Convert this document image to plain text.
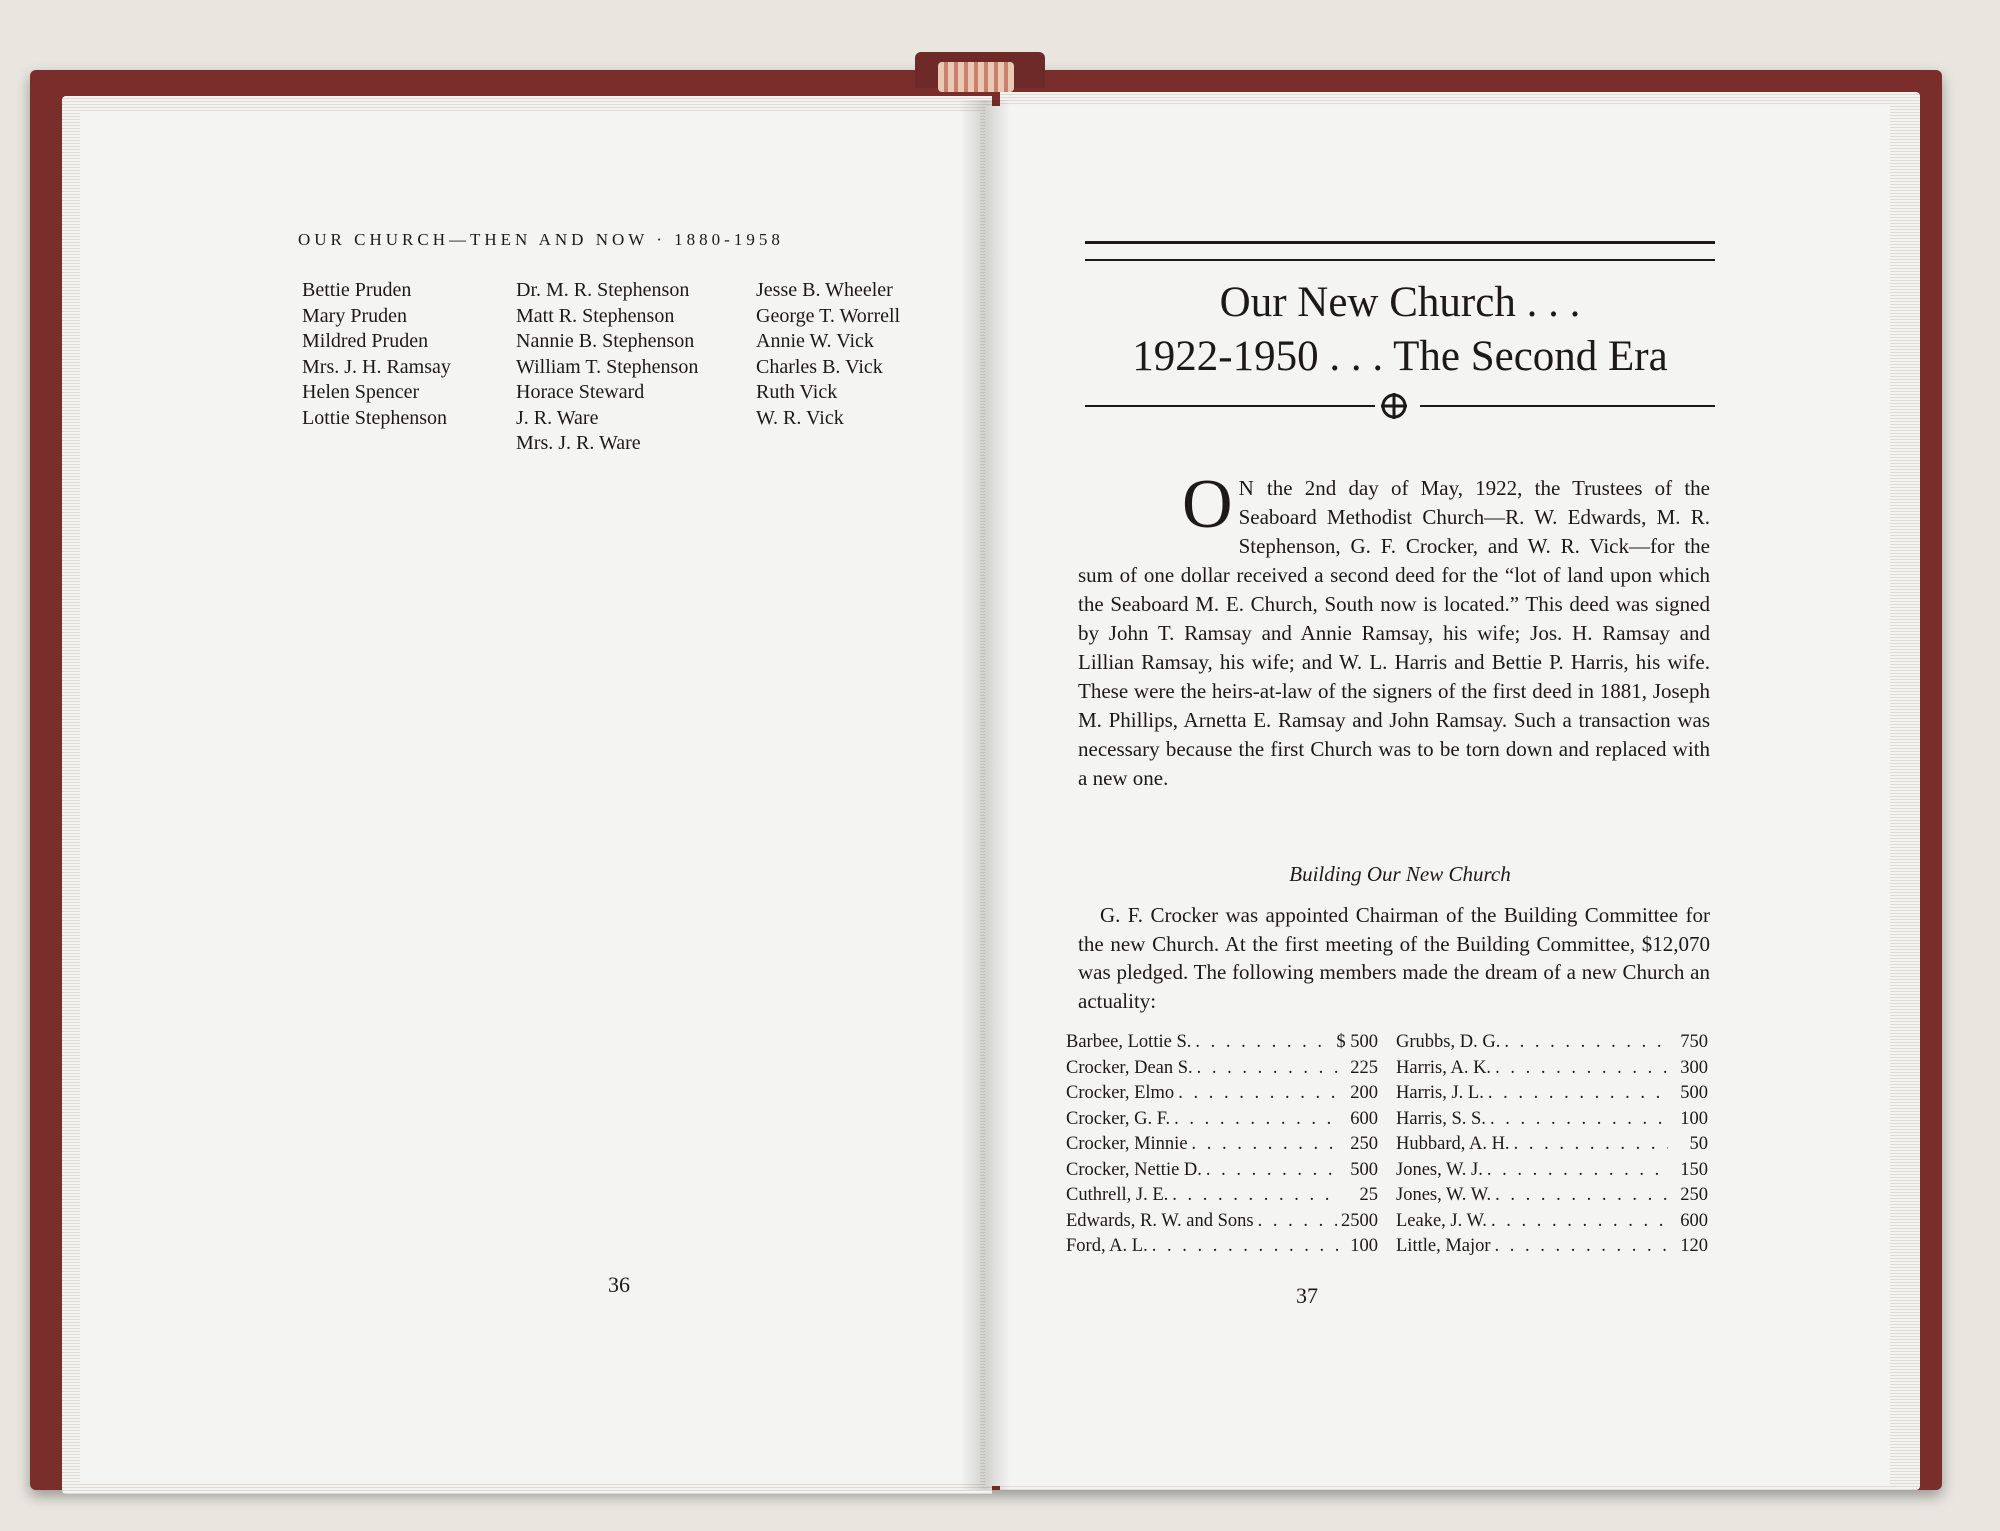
OUR CHURCH—THEN AND NOW · 1880-1958
Bettie Pruden
Mary Pruden
Mildred Pruden
Mrs. J. H. Ramsay
Helen Spencer
Lottie Stephenson
Dr. M. R. Stephenson
Matt R. Stephenson
Nannie B. Stephenson
William T. Stephenson
Horace Steward
J. R. Ware
Mrs. J. R. Ware
Jesse B. Wheeler
George T. Worrell
Annie W. Vick
Charles B. Vick
Ruth Vick
W. R. Vick
36
Our New Church . . .
1922-1950 . . . The Second Era
O N the 2nd day of May, 1922, the Trustees of the Seaboard Methodist Church—R. W. Edwards, M. R. Stephenson, G. F. Crocker, and W. R. Vick—for the sum of one dollar received a second deed for the “lot of land upon which the Seaboard M. E. Church, South now is located.” This deed was signed by John T. Ramsay and Annie Ramsay, his wife; Jos. H. Ramsay and Lillian Ramsay, his wife; and W. L. Harris and Bettie P. Harris, his wife. These were the heirs-at-law of the signers of the first deed in 1881, Joseph M. Phillips, Arnetta E. Ramsay and John Ramsay. Such a transaction was necessary because the first Church was to be torn down and replaced with a new one.
Building Our New Church
G. F. Crocker was appointed Chairman of the Building Committee for the new Church. At the first meeting of the Building Committee, $12,070 was pledged. The following members made the dream of a new Church an actuality:
Barbee, Lottie S. . . .	$ 500
Crocker, Dean S. . . .	225
Crocker, Elmo . . .	200
Crocker, G. F. . . .	600
Crocker, Minnie . . .	250
Crocker, Nettie D. . . .	500
Cuthrell, J. E. . . .	25
Edwards, R. W. and Sons . . .	2500
Ford, A. L. . . .	100
Grubbs, D. G. . . .	750
Harris, A. K. . . .	300
Harris, J. L. . . .	500
Harris, S. S. . . .	100
Hubbard, A. H. . . .	50
Jones, W. J. . . .	150
Jones, W. W. . . .	250
Leake, J. W. . . .	600
Little, Major . . .	120
37
